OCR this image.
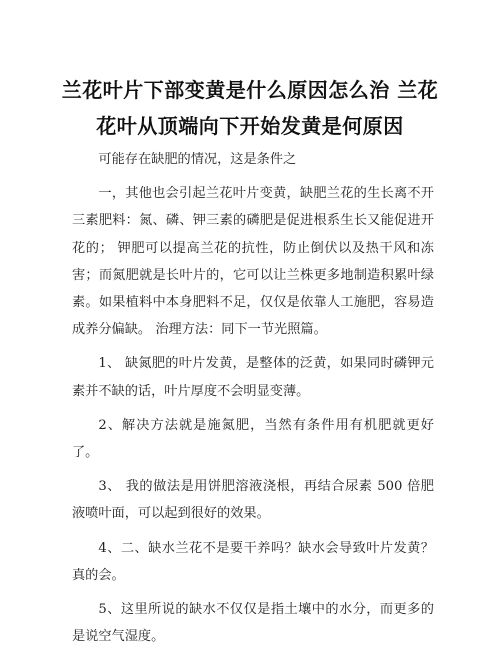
兰花叶片下部变黄是什么原因怎么治 兰花花叶从顶端向下开始发黄是何原因

可能存在缺肥的情况，这是条件之

一，其他也会引起兰花叶片变黄，缺肥兰花的生长离不开三素肥料：氮、磷、钾三素的磷肥是促进根系生长又能促进开花的； 钾肥可以提高兰花的抗性，防止倒伏以及热干风和冻害；而氮肥就是长叶片的，它可以让兰株更多地制造积累叶绿素。如果植料中本身肥料不足，仅仅是依靠人工施肥，容易造成养分偏缺。 治理方法：同下一节光照篇。

1、 缺氮肥的叶片发黄，是整体的泛黄，如果同时磷钾元素并不缺的话，叶片厚度不会明显变薄。

2、解决方法就是施氮肥，当然有条件用有机肥就更好了。

3、 我的做法是用饼肥溶液浇根，再结合尿素 500 倍肥液喷叶面，可以起到很好的效果。

4、二、缺水兰花不是要干养吗？缺水会导致叶片发黄？ 真的会。

5、这里所说的缺水不仅仅是指土壤中的水分，而更多的是说空气湿度。
